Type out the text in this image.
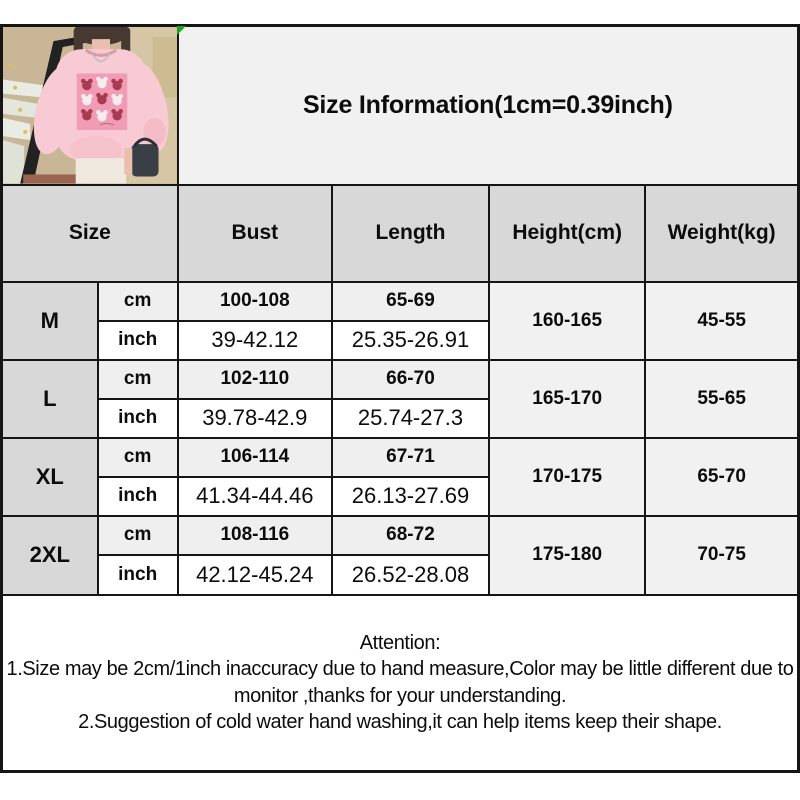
	Size Information(1cm=0.39inch)			
Size		Bust	Length	Height(cm)	Weight(kg)
M	cm	100-108	65-69	160-165	45-55
	inch	39-42.12	25.35-26.91		
L	cm	102-110	66-70	165-170	55-65
	inch	39.78-42.9	25.74-27.3		
XL	cm	106-114	67-71	170-175	65-70
	inch	41.34-44.46	26.13-27.69		
2XL	cm	108-116	68-72	175-180	70-75
	inch	42.12-45.24	26.52-28.08		

Attention:
1.Size may be 2cm/1inch inaccuracy due to hand measure,Color may be little different due to monitor ,thanks for your understanding.
2.Suggestion of cold water hand washing,it can help items keep their shape.					
